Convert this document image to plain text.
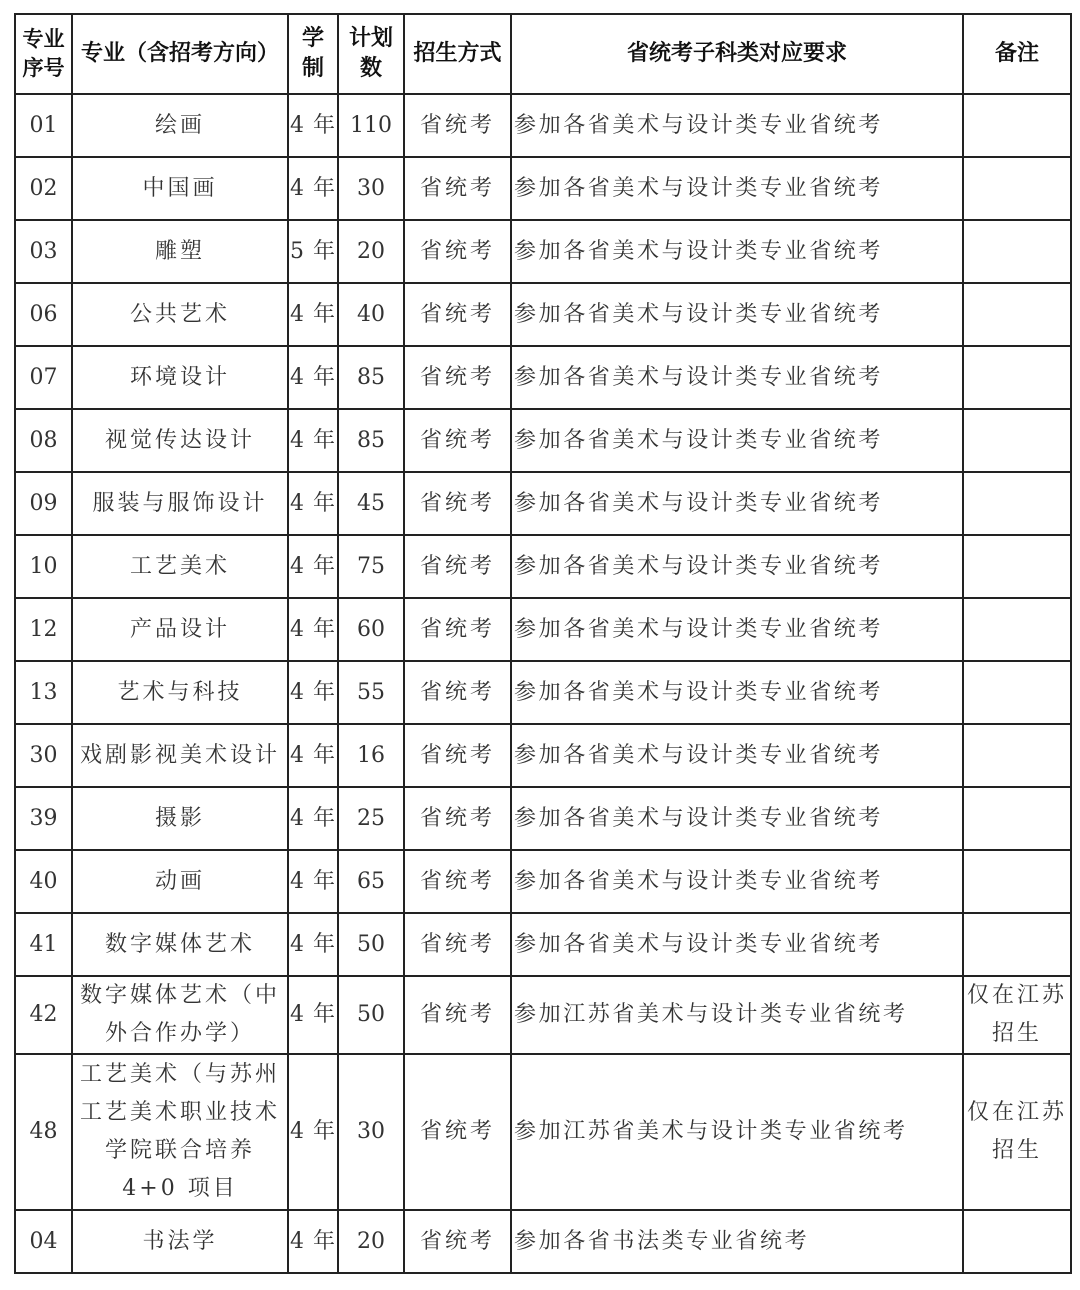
专业序号	专业（含招考方向）	学制	计划数	招生方式	省统考子科类对应要求	备注
01	绘画	4 年	110	省统考	参加各省美术与设计类专业省统考	
02	中国画	4 年	30	省统考	参加各省美术与设计类专业省统考	
03	雕塑	5 年	20	省统考	参加各省美术与设计类专业省统考	
06	公共艺术	4 年	40	省统考	参加各省美术与设计类专业省统考	
07	环境设计	4 年	85	省统考	参加各省美术与设计类专业省统考	
08	视觉传达设计	4 年	85	省统考	参加各省美术与设计类专业省统考	
09	服装与服饰设计	4 年	45	省统考	参加各省美术与设计类专业省统考	
10	工艺美术	4 年	75	省统考	参加各省美术与设计类专业省统考	
12	产品设计	4 年	60	省统考	参加各省美术与设计类专业省统考	
13	艺术与科技	4 年	55	省统考	参加各省美术与设计类专业省统考	
30	戏剧影视美术设计	4 年	16	省统考	参加各省美术与设计类专业省统考	
39	摄影	4 年	25	省统考	参加各省美术与设计类专业省统考	
40	动画	4 年	65	省统考	参加各省美术与设计类专业省统考	
41	数字媒体艺术	4 年	50	省统考	参加各省美术与设计类专业省统考	
42	数字媒体艺术（中外合作办学）	4 年	50	省统考	参加江苏省美术与设计类专业省统考	仅在江苏招生
48	工艺美术（与苏州工艺美术职业技术学院联合培养 4+0 项目	4 年	30	省统考	参加江苏省美术与设计类专业省统考	仅在江苏招生
04	书法学	4 年	20	省统考	参加各省书法类专业省统考	
